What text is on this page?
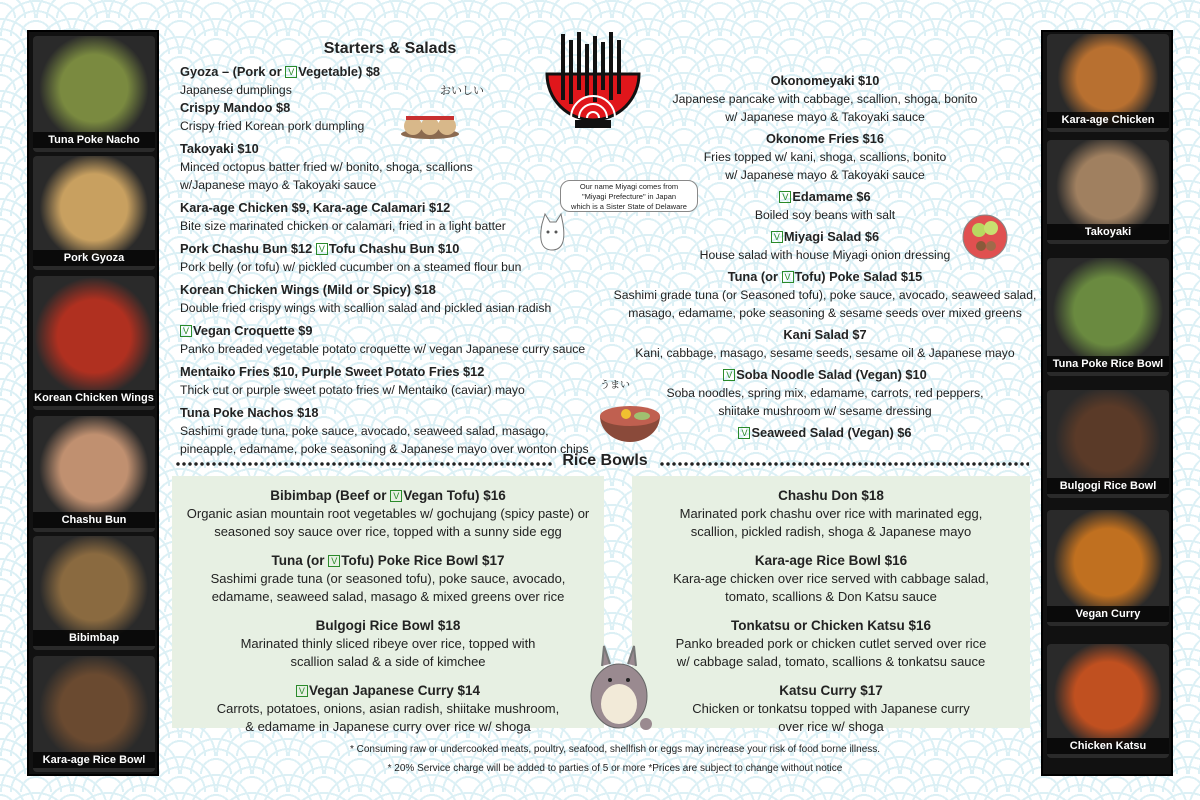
Tuna Poke Nacho
Pork Gyoza
Korean Chicken Wings
Chashu Bun
Bibimbap
Kara-age Rice Bowl
Kara-age Chicken
Takoyaki
Tuna Poke Rice Bowl
Bulgogi Rice Bowl
Vegan Curry
Chicken Katsu
Starters & Salads
Gyoza – (Pork or V Vegetable) $8
Japanese dumplings
Crispy Mandoo $8
Crispy fried Korean pork dumpling
Takoyaki $10
Minced octopus batter fried w/ bonito, shoga, scallions
w/Japanese mayo & Takoyaki sauce
Kara-age Chicken $9, Kara-age Calamari $12
Bite size marinated chicken or calamari, fried in a light batter
Pork Chashu Bun $12 V Tofu Chashu Bun $10
Pork belly (or tofu) w/ pickled cucumber on a steamed flour bun
Korean Chicken Wings (Mild or Spicy) $18
Double fried crispy wings with scallion salad and pickled asian radish
V Vegan Croquette $9
Panko breaded vegetable potato croquette w/ vegan Japanese curry sauce
Mentaiko Fries $10, Purple Sweet Potato Fries $12
Thick cut or purple sweet potato fries w/ Mentaiko (caviar) mayo
Tuna Poke Nachos $18
Sashimi grade tuna, poke sauce, avocado, seaweed salad, masago,
pineapple, edamame, poke seasoning & Japanese mayo over wonton chips
Okonomeyaki $10
Japanese pancake with cabbage, scallion, shoga, bonito
w/ Japanese mayo & Takoyaki sauce
Okonome Fries $16
Fries topped w/ kani, shoga, scallions, bonito
w/ Japanese mayo & Takoyaki sauce
V Edamame $6
Boiled soy beans with salt
V Miyagi Salad $6
House salad with house Miyagi onion dressing
Tuna (or V Tofu) Poke Salad $15
Sashimi grade tuna (or Seasoned tofu), poke sauce, avocado, seaweed salad,
masago, edamame, poke seasoning & sesame seeds over mixed greens
Kani Salad $7
Kani, cabbage, masago, sesame seeds, sesame oil & Japanese mayo
V Soba Noodle Salad (Vegan) $10
Soba noodles, spring mix, edamame, carrots, red peppers,
shiitake mushroom w/ sesame dressing
V Seaweed Salad (Vegan) $6
おいしい
Our name Miyagi comes from
"Miyagi Prefecture" in Japan
which is a Sister State of Delaware
うまい
Rice Bowls
Bibimbap (Beef or V Vegan Tofu) $16
Organic asian mountain root vegetables w/ gochujang (spicy paste) or
seasoned soy sauce over rice, topped with a sunny side egg
Tuna (or V Tofu) Poke Rice Bowl $17
Sashimi grade tuna (or seasoned tofu), poke sauce, avocado,
edamame, seaweed salad, masago & mixed greens over rice
Bulgogi Rice Bowl $18
Marinated thinly sliced ribeye over rice, topped with
scallion salad & a side of kimchee
V Vegan Japanese Curry $14
Carrots, potatoes, onions, asian radish, shiitake mushroom,
& edamame in Japanese curry over rice w/ shoga
Chashu Don $18
Marinated pork chashu over rice with marinated egg,
scallion, pickled radish, shoga & Japanese mayo
Kara-age Rice Bowl $16
Kara-age chicken over rice served with cabbage salad,
tomato, scallions & Don Katsu sauce
Tonkatsu or Chicken Katsu $16
Panko breaded pork or chicken cutlet served over rice
w/ cabbage salad, tomato, scallions & tonkatsu sauce
Katsu Curry $17
Chicken or tonkatsu topped with Japanese curry
over rice w/ shoga
* Consuming raw or undercooked meats, poultry, seafood, shellfish or eggs may increase your risk of food borne illness.
* 20% Service charge will be added to parties of 5 or more *Prices are subject to change without notice
